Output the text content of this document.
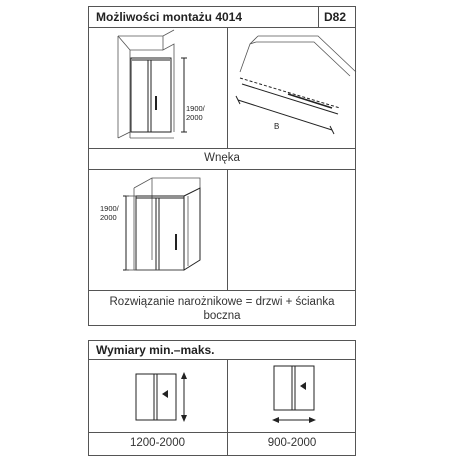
Możliwości montażu 4014	D82
Wnęka
1900/
2000
B
Rozwiązanie narożnikowe = drzwi + ścianka
boczna
1900/
2000
Wymiary min.–maks.
1200-2000	900-2000
